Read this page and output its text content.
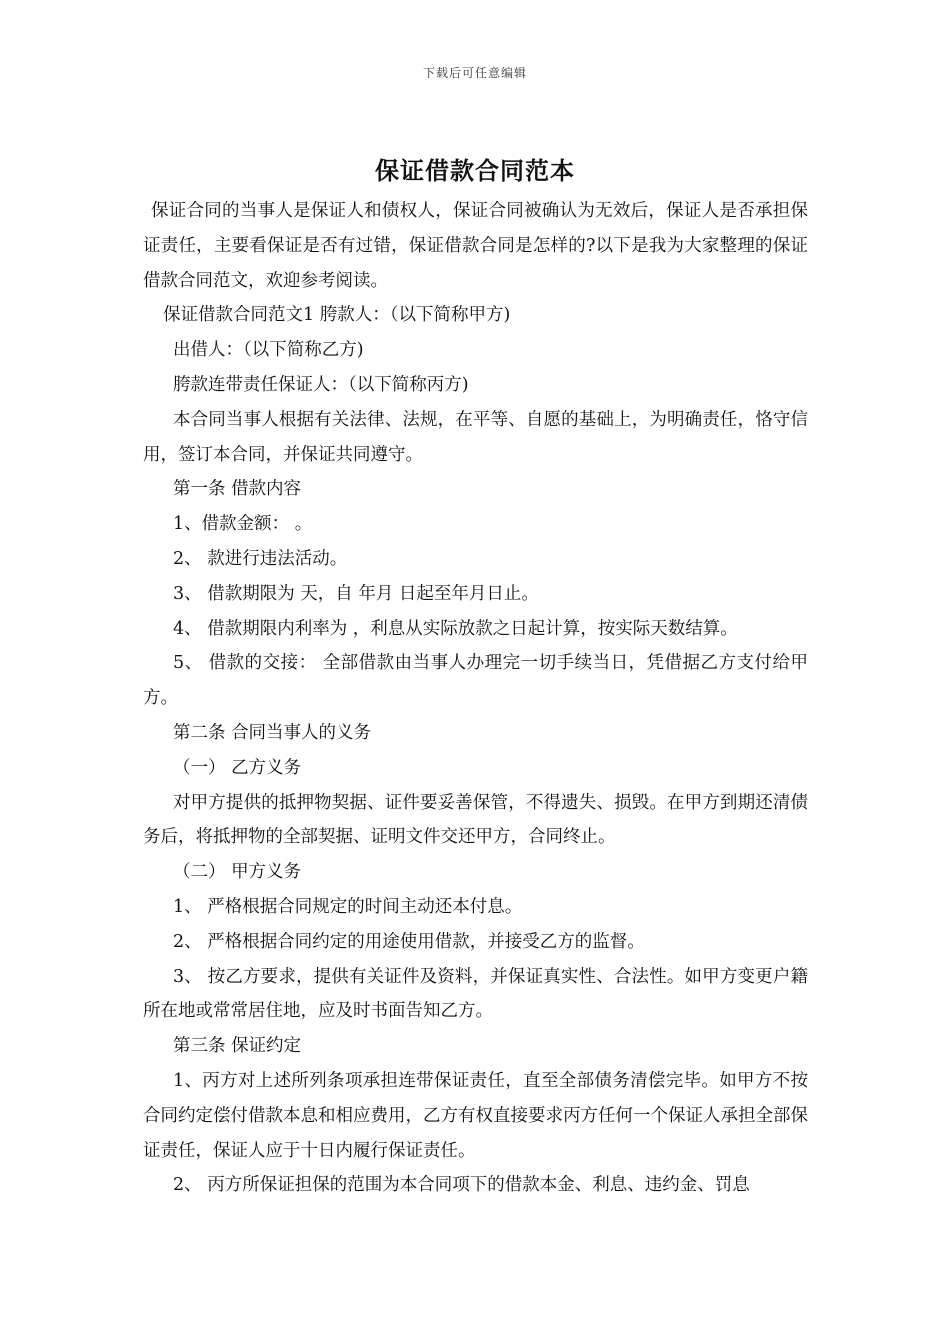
下载后可任意编辑
保证借款合同范本

保证合同的当事人是保证人和债权人，保证合同被确认为无效后，保证人是否承担保证责任，主要看保证是否有过错，保证借款合同是怎样的?以下是我为大家整理的保证借款合同范文，欢迎参考阅读。

保证借款合同范文1 胯款人：（以下简称甲方)

出借人：（以下简称乙方)

胯款连带责任保证人：（以下简称丙方)

本合同当事人根据有关法律、法规，在平等、自愿的基础上，为明确责任，恪守信用，签订本合同，并保证共同遵守。

第一条 借款内容

1、借款金额： 。

2、 款进行违法活动。

3、 借款期限为 天，自 年月 日起至年月日止。

4、 借款期限内利率为 ，利息从实际放款之日起计算，按实际天数结算。

5、 借款的交接： 全部借款由当事人办理完一切手续当日，凭借据乙方支付给甲方。

第二条 合同当事人的义务

（一） 乙方义务

对甲方提供的抵押物契据、证件要妥善保管，不得遗失、损毁。在甲方到期还清债务后，将抵押物的全部契据、证明文件交还甲方，合同终止。

（二） 甲方义务

1、 严格根据合同规定的时间主动还本付息。

2、 严格根据合同约定的用途使用借款，并接受乙方的监督。

3、 按乙方要求，提供有关证件及资料，并保证真实性、合法性。如甲方变更户籍所在地或常常居住地，应及时书面告知乙方。

第三条 保证约定

1、丙方对上述所列条项承担连带保证责任，直至全部债务清偿完毕。如甲方不按合同约定偿付借款本息和相应费用，乙方有权直接要求丙方任何一个保证人承担全部保证责任，保证人应于十日内履行保证责任。

2、 丙方所保证担保的范围为本合同项下的借款本金、利息、违约金、罚息
